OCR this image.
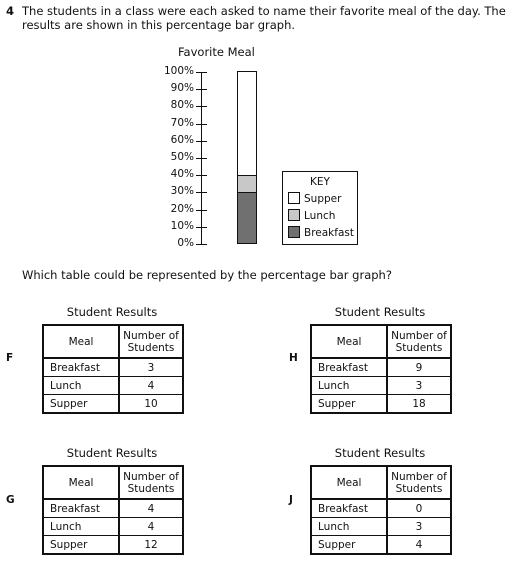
4 The students in a class were each asked to name their favorite meal of the day. The results are shown in this percentage bar graph.
Favorite Meal
0%
10%
20%
30%
40%
50%
60%
70%
80%
90%
100%
KEY
Supper
Lunch
Breakfast
Which table could be represented by the percentage bar graph?
Student Results
F
Meal	Number of
Students
Breakfast	3
Lunch	4
Supper	10
Student Results
H
Meal	Number of
Students
Breakfast	9
Lunch	3
Supper	18
Student Results
G
Meal	Number of
Students
Breakfast	4
Lunch	4
Supper	12
Student Results
J
Meal	Number of
Students
Breakfast	0
Lunch	3
Supper	4
